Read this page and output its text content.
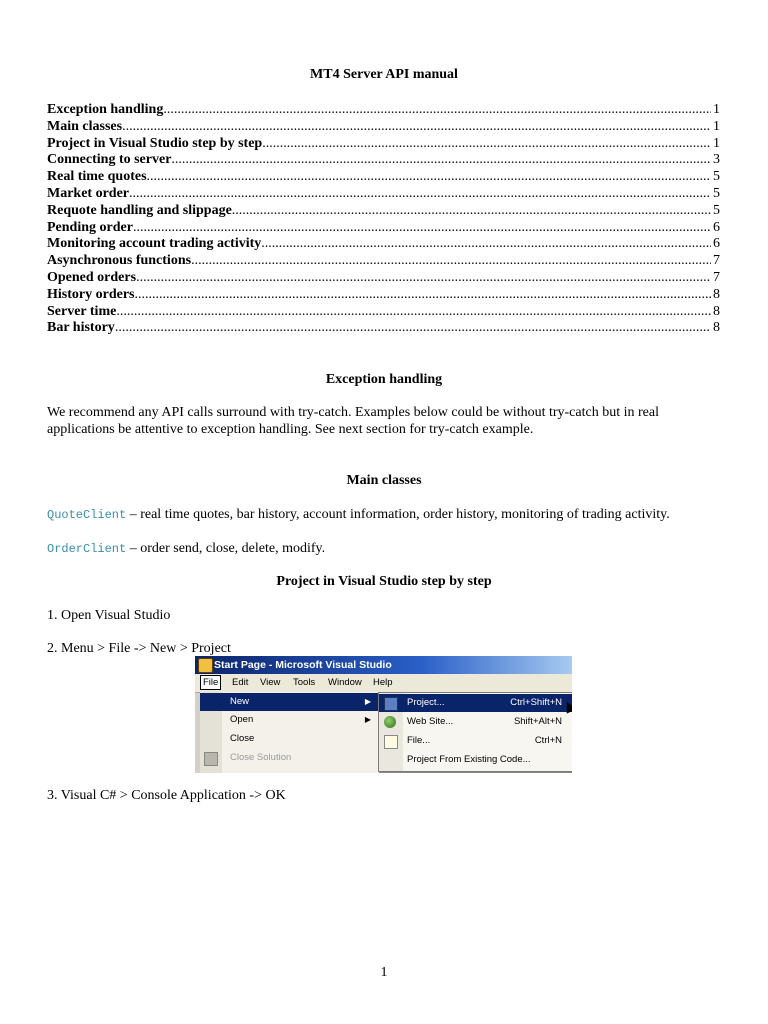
MT4 Server API manual
Exception handling .....	1
Main classes .....	1
Project in Visual Studio step by step .....	1
Connecting to server .....	3
Real time quotes .....	5
Market order .....	5
Requote handling and slippage .....	5
Pending order .....	6
Monitoring account trading activity .....	6
Asynchronous functions .....	7
Opened orders .....	7
History orders .....	8
Server time .....	8
Bar history .....	8
Exception handling
We recommend any API calls surround with try-catch. Examples below could be without try-catch but in real applications be attentive to exception handling. See next section for try-catch example.
Main classes
QuoteClient – real time quotes, bar history, account information, order history, monitoring of trading activity.
OrderClient – order send, close, delete, modify.
Project in Visual Studio step by step
1. Open Visual Studio
2. Menu > File -> New > Project
Start Page - Microsoft Visual Studio
File	Edit View Tools Window Help
New	▶
Open	▶
Close
Close Solution
Project...	Ctrl+Shift+N
Web Site...	Shift+Alt+N
File...	Ctrl+N
Project From Existing Code...
3. Visual C# > Console Application -> OK
1
